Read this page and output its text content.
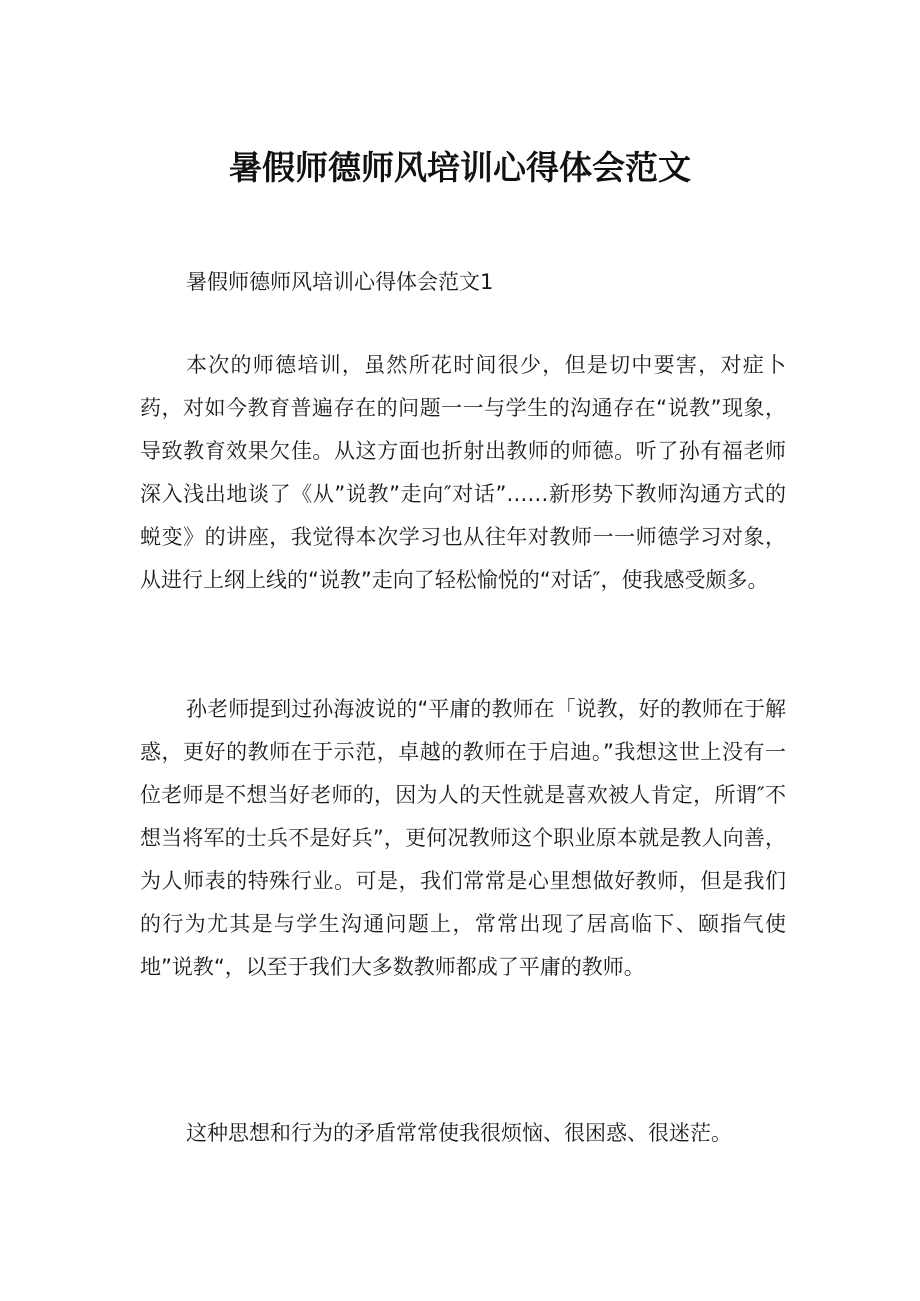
暑假师德师风培训心得体会范文
暑假师德师风培训心得体会范文1

本次的师德培训，虽然所花时间很少，但是切中要害，对症卜药，对如今教育普遍存在的问题一一与学生的沟通存在“说教”现象，导致教育效果欠佳。从这方面也折射出教师的师德。听了孙有福老师深入浅出地谈了《从”说教”走向″对话”……新形势下教师沟通方式的蜕变》的讲座，我觉得本次学习也从往年对教师一一师德学习对象，从进行上纲上线的“说教”走向了轻松愉悦的“对话″，使我感受颇多。

孙老师提到过孙海波说的“平庸的教师在「说教，好的教师在于解惑，更好的教师在于示范，卓越的教师在于启迪。”我想这世上没有一位老师是不想当好老师的，因为人的天性就是喜欢被人肯定，所谓″不想当将军的士兵不是好兵”，更何况教师这个职业原本就是教人向善，为人师表的特殊行业。可是，我们常常是心里想做好教师，但是我们的行为尤其是与学生沟通问题上，常常出现了居高临下、颐指气使地”说教“，以至于我们大多数教师都成了平庸的教师。

这种思想和行为的矛盾常常使我很烦恼、很困惑、很迷茫。
